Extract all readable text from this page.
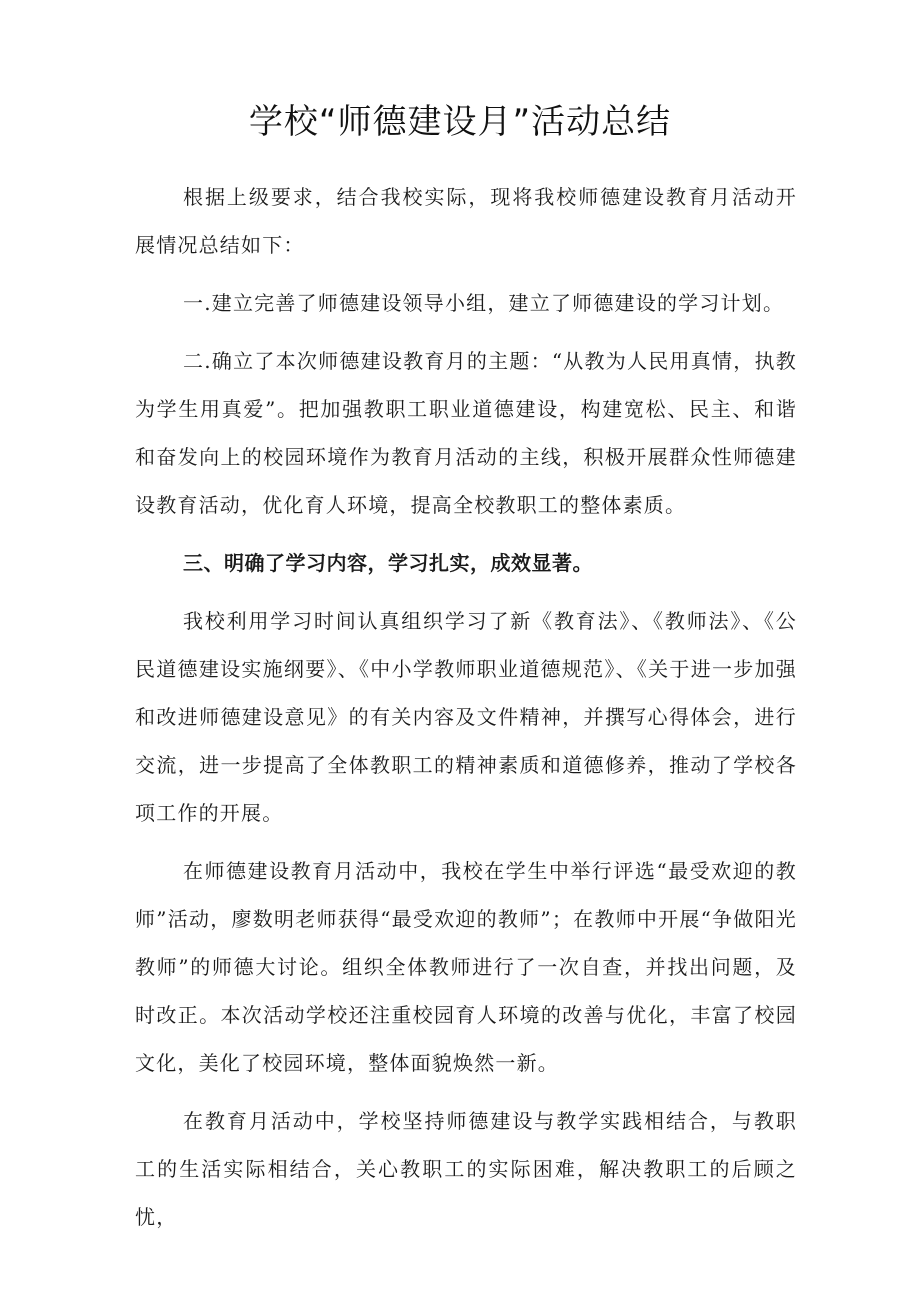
学校“师德建设月”活动总结

根据上级要求，结合我校实际，现将我校师德建设教育月活动开展情况总结如下：

一.建立完善了师德建设领导小组，建立了师德建设的学习计划。

二.确立了本次师德建设教育月的主题：“从教为人民用真情，执教为学生用真爱”。把加强教职工职业道德建设，构建宽松、民主、和谐和奋发向上的校园环境作为教育月活动的主线，积极开展群众性师德建设教育活动，优化育人环境，提高全校教职工的整体素质。

三、明确了学习内容，学习扎实，成效显著。

我校利用学习时间认真组织学习了新《教育法》、《教师法》、《公民道德建设实施纲要》、《中小学教师职业道德规范》、《关于进一步加强和改进师德建设意见》的有关内容及文件精神，并撰写心得体会，进行交流，进一步提高了全体教职工的精神素质和道德修养，推动了学校各项工作的开展。

在师德建设教育月活动中，我校在学生中举行评选“最受欢迎的教师”活动，廖数明老师获得“最受欢迎的教师”；在教师中开展“争做阳光教师”的师德大讨论。组织全体教师进行了一次自查，并找出问题，及时改正。本次活动学校还注重校园育人环境的改善与优化，丰富了校园文化，美化了校园环境，整体面貌焕然一新。

在教育月活动中，学校坚持师德建设与教学实践相结合，与教职工的生活实际相结合，关心教职工的实际困难，解决教职工的后顾之忧，
